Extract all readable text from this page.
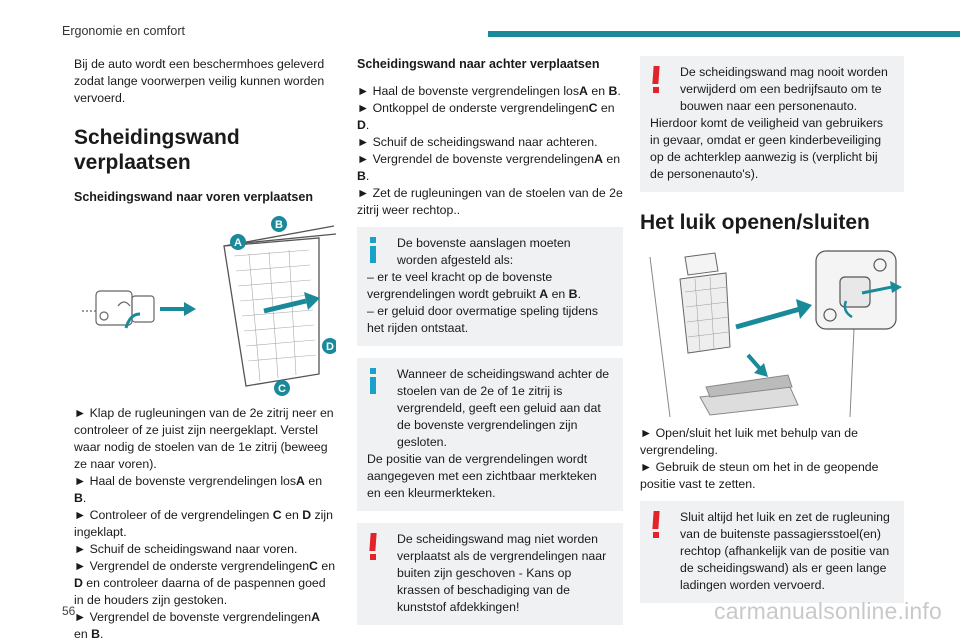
Ergonomie en comfort

Bij de auto wordt een beschermhoes geleverd zodat lange voorwerpen veilig kunnen worden vervoerd.

Scheidingswand verplaatsen
Scheidingswand naar voren verplaatsen
A
B
D
C
► Klap de rugleuningen van de 2e zitrij neer en controleer of ze juist zijn neergeklapt. Verstel waar nodig de stoelen van de 1e zitrij (beweeg ze naar voren).
► Haal de bovenste vergrendelingen losA en B.
► Controleer of de vergrendelingen C en D zijn ingeklapt.
► Schuif de scheidingswand naar voren.
► Vergrendel de onderste vergrendelingenC en
D en controleer daarna of de paspennen goed in de houders zijn gestoken.
► Vergrendel de bovenste vergrendelingenA en B.
Scheidingswand naar achter verplaatsen
► Haal de bovenste vergrendelingen losA en B.
► Ontkoppel de onderste vergrendelingenC en D.
► Schuif de scheidingswand naar achteren.
► Vergrendel de bovenste vergrendelingenA en B.
► Zet de rugleuningen van de stoelen van de 2e zitrij weer rechtop..
De bovenste aanslagen moeten worden afgesteld als:
– er te veel kracht op de bovenste vergrendelingen wordt gebruikt A en B.
– er geluid door overmatige speling tijdens het rijden ontstaat.
Wanneer de scheidingswand achter de stoelen van de 2e of 1e zitrij is vergrendeld, geeft een geluid aan dat de bovenste vergrendelingen zijn gesloten.
De positie van de vergrendelingen wordt aangegeven met een zichtbaar merkteken en een kleurmerkteken.
De scheidingswand mag niet worden verplaatst als de vergrendelingen naar buiten zijn geschoven - Kans op krassen of beschadiging van de kunststof afdekkingen!
De scheidingswand mag nooit worden verwijderd om een bedrijfsauto om te bouwen naar een personenauto.
Hierdoor komt de veiligheid van gebruikers in gevaar, omdat er geen kinderbeveiliging op de achterklep aanwezig is (verplicht bij de personenauto's).
Het luik openen/sluiten
► Open/sluit het luik met behulp van de vergrendeling.
► Gebruik de steun om het in de geopende positie vast te zetten.
Sluit altijd het luik en zet de rugleuning van de buitenste passagiersstoel(en) rechtop (afhankelijk van de positie van de scheidingswand) als er geen lange ladingen worden vervoerd.
56	carmanualsonline.info
